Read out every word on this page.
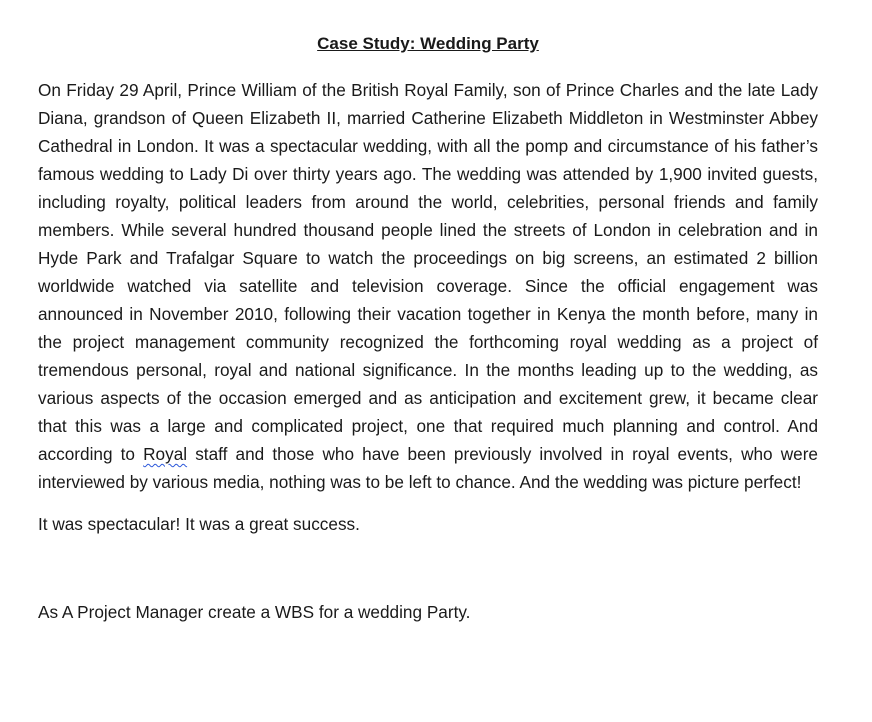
Case Study: Wedding Party

On Friday 29 April, Prince William of the British Royal Family, son of Prince Charles and the late Lady Diana, grandson of Queen Elizabeth II, married Catherine Elizabeth Middleton in Westminster Abbey Cathedral in London. It was a spectacular wedding, with all the pomp and circumstance of his father’s famous wedding to Lady Di over thirty years ago. The wedding was attended by 1,900 invited guests, including royalty, political leaders from around the world, celebrities, personal friends and family members. While several hundred thousand people lined the streets of London in celebration and in Hyde Park and Trafalgar Square to watch the proceedings on big screens, an estimated 2 billion worldwide watched via satellite and television coverage. Since the official engagement was announced in November 2010, following their vacation together in Kenya the month before, many in the project management community recognized the forthcoming royal wedding as a project of tremendous personal, royal and national significance. In the months leading up to the wedding, as various aspects of the occasion emerged and as anticipation and excitement grew, it became clear that this was a large and complicated project, one that required much planning and control. And according to Royal staff and those who have been previously involved in royal events, who were interviewed by various media, nothing was to be left to chance. And the wedding was picture perfect!

It was spectacular! It was a great success.

As A Project Manager create a WBS for a wedding Party.
